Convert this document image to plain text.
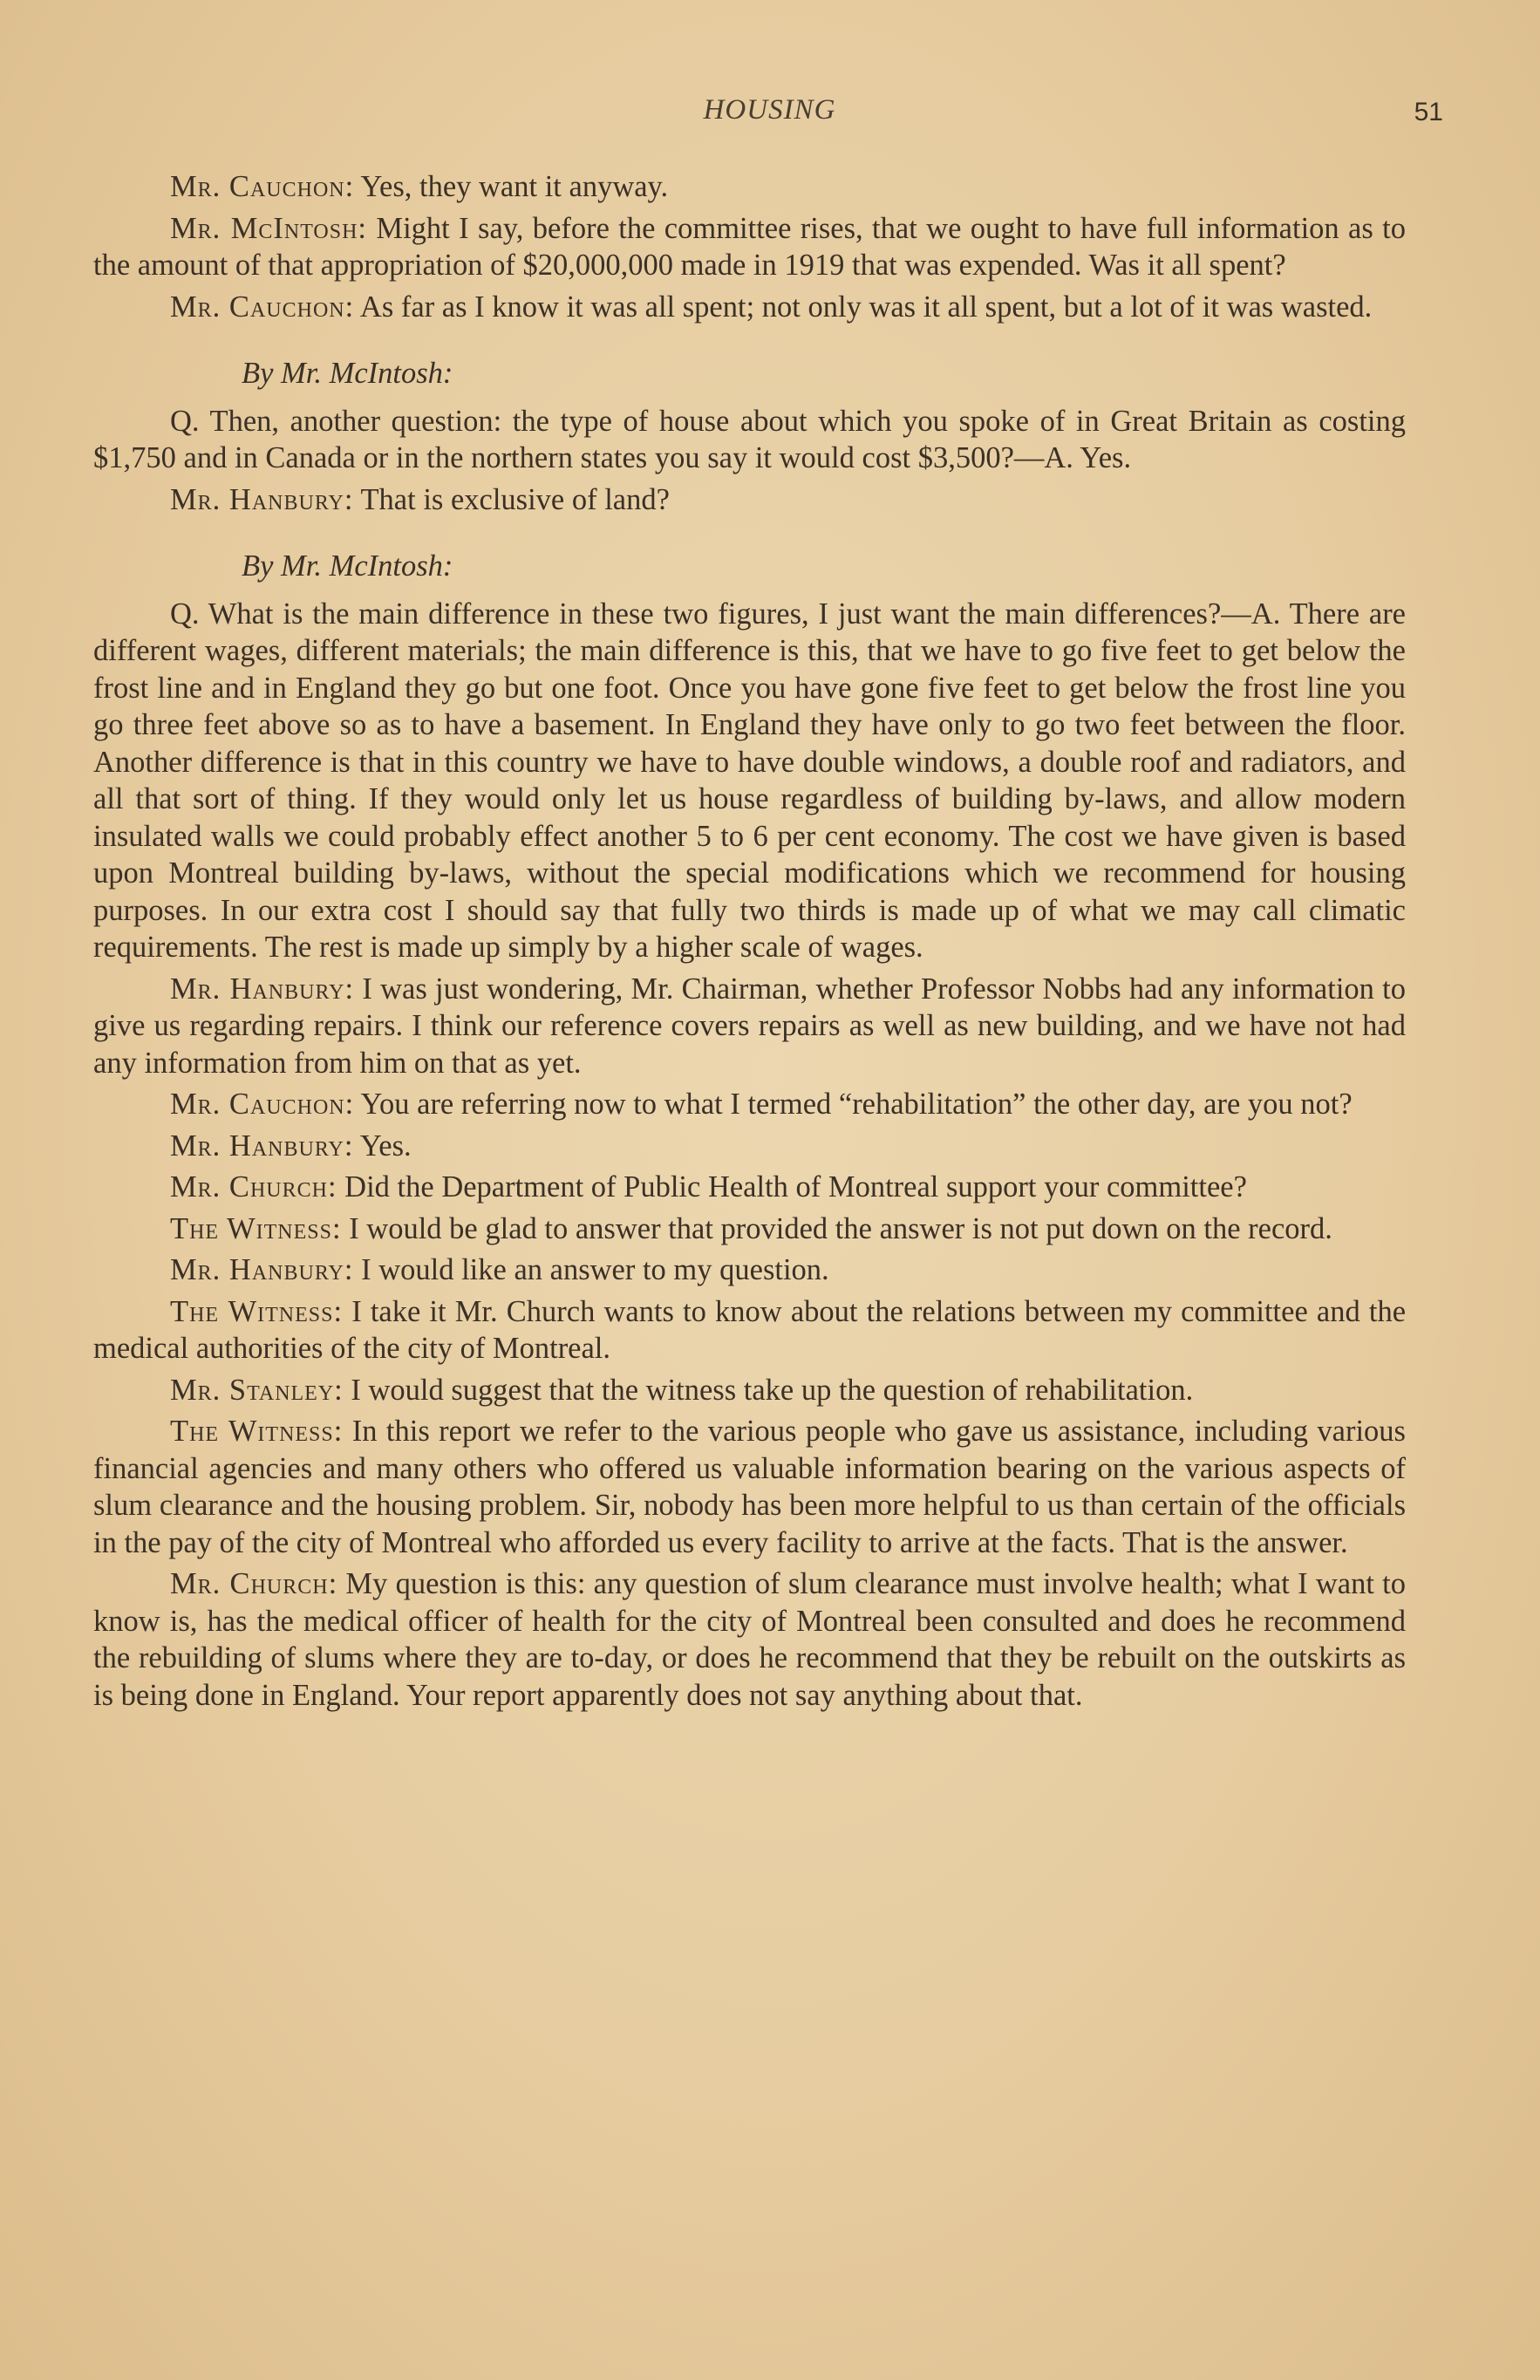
HOUSING	51

Mr. Cauchon: Yes, they want it anyway.

Mr. McIntosh: Might I say, before the committee rises, that we ought to have full information as to the amount of that appropriation of $20,000,000 made in 1919 that was expended. Was it all spent?

Mr. Cauchon: As far as I know it was all spent; not only was it all spent, but a lot of it was wasted.

By Mr. McIntosh:

Q. Then, another question: the type of house about which you spoke of in Great Britain as costing $1,750 and in Canada or in the northern states you say it would cost $3,500?—A. Yes.

Mr. Hanbury: That is exclusive of land?

By Mr. McIntosh:

Q. What is the main difference in these two figures, I just want the main differences?—A. There are different wages, different materials; the main difference is this, that we have to go five feet to get below the frost line and in England they go but one foot. Once you have gone five feet to get below the frost line you go three feet above so as to have a basement. In England they have only to go two feet between the floor. Another difference is that in this country we have to have double windows, a double roof and radiators, and all that sort of thing. If they would only let us house regardless of building by-laws, and allow modern insulated walls we could probably effect another 5 to 6 per cent economy. The cost we have given is based upon Montreal building by-laws, without the special modifications which we recommend for housing purposes. In our extra cost I should say that fully two thirds is made up of what we may call climatic requirements. The rest is made up simply by a higher scale of wages.

Mr. Hanbury: I was just wondering, Mr. Chairman, whether Professor Nobbs had any information to give us regarding repairs. I think our reference covers repairs as well as new building, and we have not had any information from him on that as yet.

Mr. Cauchon: You are referring now to what I termed “rehabilitation” the other day, are you not?

Mr. Hanbury: Yes.

Mr. Church: Did the Department of Public Health of Montreal support your committee?

The Witness: I would be glad to answer that provided the answer is not put down on the record.

Mr. Hanbury: I would like an answer to my question.

The Witness: I take it Mr. Church wants to know about the relations between my committee and the medical authorities of the city of Montreal.

Mr. Stanley: I would suggest that the witness take up the question of rehabilitation.

The Witness: In this report we refer to the various people who gave us assistance, including various financial agencies and many others who offered us valuable information bearing on the various aspects of slum clearance and the housing problem. Sir, nobody has been more helpful to us than certain of the officials in the pay of the city of Montreal who afforded us every facility to arrive at the facts. That is the answer.

Mr. Church: My question is this: any question of slum clearance must involve health; what I want to know is, has the medical officer of health for the city of Montreal been consulted and does he recommend the rebuilding of slums where they are to-day, or does he recommend that they be rebuilt on the outskirts as is being done in England. Your report apparently does not say anything about that.
